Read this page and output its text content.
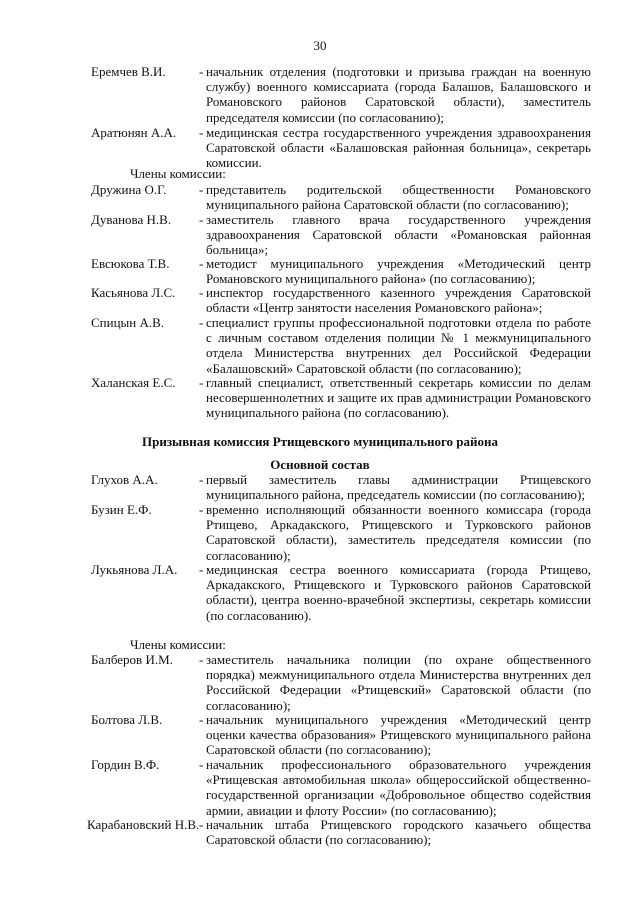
30
Еремчев В.И.	- начальник отделения (подготовки и призыва граждан на военную службу) военного комиссариата (города Балашов, Балашовского и Романовского районов Саратовской области), заместитель председателя комиссии (по согласованию);
Аратюнян А.А. - медицинская сестра государственного учреждения здравоохранения Саратовской области «Балашовская районная больница», секретарь комиссии.
Члены комиссии:
Дружина О.Г.	- представитель родительской общественности Романовского муниципального района Саратовской области (по согласованию);
Дуванова Н.В. - заместитель главного врача государственного учреждения здравоохранения Саратовской области «Романовская районная больница»;
Евсюкова Т.В. - методист муниципального учреждения «Методический центр Романовского муниципального района» (по согласованию);
Касьянова Л.С. - инспектор государственного казенного учреждения Саратовской области «Центр занятости населения Романовского района»;
Спицын А.В.	- специалист группы профессиональной подготовки отдела по работе с личным составом отделения полиции № 1 межмуниципального отдела Министерства внутренних дел Российской Федерации «Балашовский» Саратовской области (по согласованию);
Халанская Е.С. - главный специалист, ответственный секретарь комиссии по делам несовершеннолетних и защите их прав администрации Романовского муниципального района (по согласованию).
Призывная комиссия Ртищевского муниципального района
Основной состав
Глухов А.А.	- первый заместитель главы администрации Ртищевского муниципального района, председатель комиссии (по согласованию);
Бузин Е.Ф.	- временно исполняющий обязанности военного комиссара (города Ртищево, Аркадакского, Ртищевского и Турковского районов Саратовской области), заместитель председателя комиссии (по согласованию);
Лукьянова Л.А. - медицинская сестра военного комиссариата (города Ртищево, Аркадакского, Ртищевского и Турковского районов Саратовской области), центра военно-врачебной экспертизы, секретарь комиссии (по согласованию).
Члены комиссии:
Балберов И.М. - заместитель начальника полиции (по охране общественного порядка) межмуниципального отдела Министерства внутренних дел Российской Федерации «Ртищевский» Саратовской области (по согласованию);
Болтова Л.В.	- начальник муниципального учреждения «Методический центр оценки качества образования» Ртищевского муниципального района Саратовской области (по согласованию);
Гордин В.Ф.	- начальник профессионального образовательного учреждения «Ртищевская автомобильная школа» общероссийской общественно-государственной организации «Добровольное общество содействия армии, авиации и флоту России» (по согласованию);
Карабановский Н.В. - начальник штаба Ртищевского городского казачьего общества Саратовской области (по согласованию);
